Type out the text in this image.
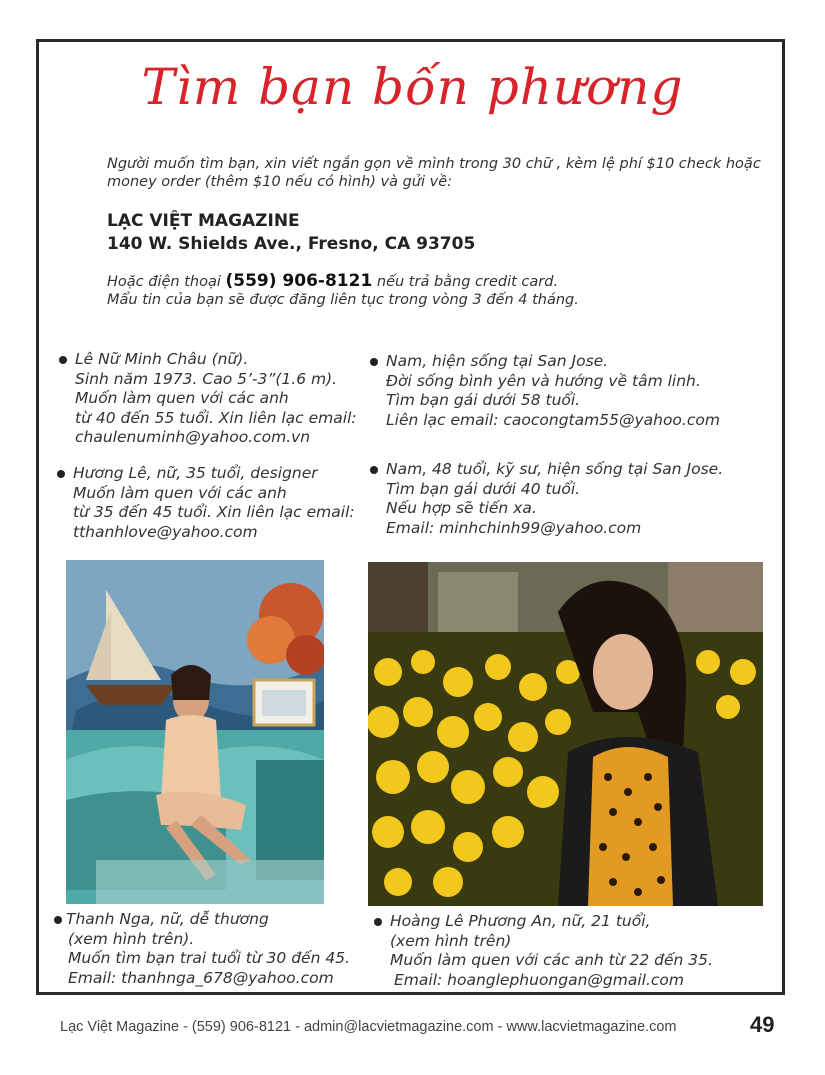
Tìm bạn bốn phương
Người muốn tìm bạn, xin viết ngắn gọn về mình trong 30 chữ , kèm lệ phí $10 check hoặc
money order (thêm $10 nếu có hình) và gửi về:
LẠC VIỆT MAGAZINE
140 W. Shields Ave., Fresno, CA 93705
Hoặc điện thoại (559) 906-8121 nếu trả bằng credit card.
Mẩu tin của bạn sẽ được đăng liên tục trong vòng 3 đến 4 tháng.
Lê Nữ Minh Châu (nữ).
Sinh năm 1973. Cao 5’-3”(1.6 m).
Muốn làm quen với các anh
từ 40 đến 55 tuổi. Xin liên lạc email:
chaulenuminh@yahoo.com.vn
Hương Lê, nữ, 35 tuổi, designer
Muốn làm quen với các anh
từ 35 đến 45 tuổi. Xin liên lạc email:
tthanhlove@yahoo.com
Nam, hiện sống tại San Jose.
Đời sống bình yên và hướng về tâm linh.
Tìm bạn gái dưới 58 tuổi.
Liên lạc email: caocongtam55@yahoo.com
Nam, 48 tuổi, kỹ sư, hiện sống tại San Jose.
Tìm bạn gái dưới 40 tuổi.
Nếu hợp sẽ tiến xa.
Email: minhchinh99@yahoo.com
Thanh Nga, nữ, dễ thương
(xem hình trên).
Muốn tìm bạn trai tuổi từ 30 đến 45.
Email: thanhnga_678@yahoo.com
Hoàng Lê Phương An, nữ, 21 tuổi,
(xem hình trên)
Muốn làm quen với các anh từ 22 đến 35.
Email: hoanglephuongan@gmail.com
Lạc Việt Magazine - (559) 906-8121 - admin@lacvietmagazine.com - www.lacvietmagazine.com	49
